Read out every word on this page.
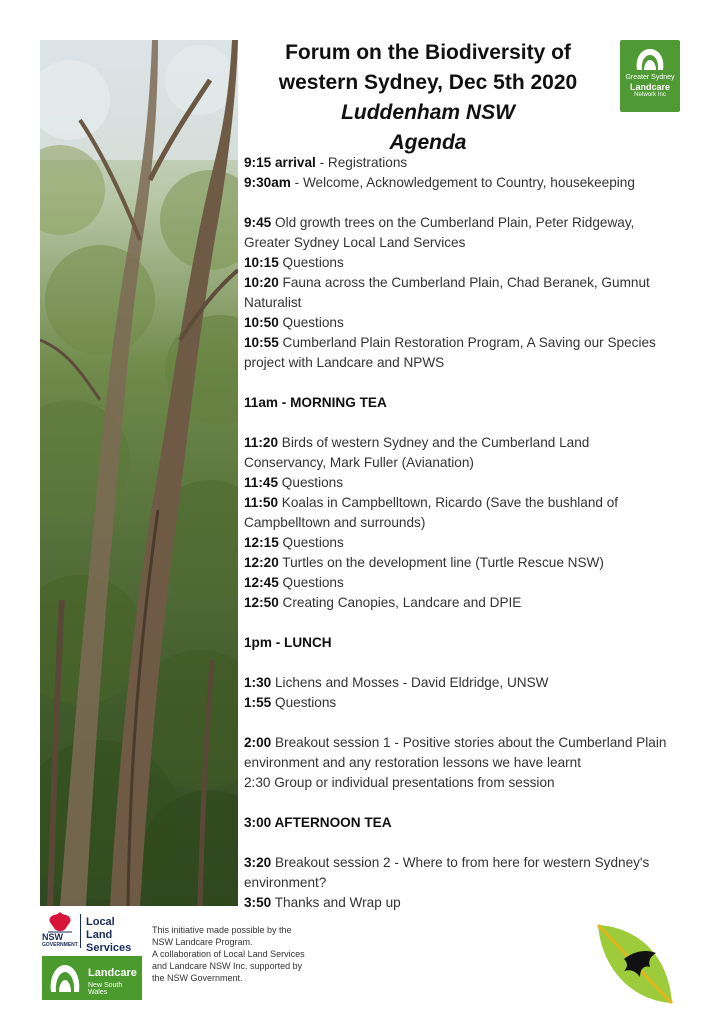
Forum on the Biodiversity of
western Sydney, Dec 5th 2020
Luddenham NSW
Agenda
Greater Sydney
Landcare
Network Inc
9:15 arrival - Registrations
9:30am - Welcome, Acknowledgement to Country, housekeeping
9:45 Old growth trees on the Cumberland Plain, Peter Ridgeway,
Greater Sydney Local Land Services
10:15 Questions
10:20 Fauna across the Cumberland Plain, Chad Beranek, Gumnut
Naturalist
10:50 Questions
10:55 Cumberland Plain Restoration Program, A Saving our Species
project with Landcare and NPWS
11am - MORNING TEA
11:20 Birds of western Sydney and the Cumberland Land
Conservancy, Mark Fuller (Avianation)
11:45 Questions
11:50 Koalas in Campbelltown, Ricardo (Save the bushland of
Campbelltown and surrounds)
12:15 Questions
12:20 Turtles on the development line (Turtle Rescue NSW)
12:45 Questions
12:50 Creating Canopies, Landcare and DPIE
1pm - LUNCH
1:30 Lichens and Mosses - David Eldridge, UNSW
1:55 Questions
2:00 Breakout session 1 - Positive stories about the Cumberland Plain
environment and any restoration lessons we have learnt
2:30 Group or individual presentations from session
3:00 AFTERNOON TEA
3:20 Breakout session 2 - Where to from here for western Sydney's
environment?
3:50 Thanks and Wrap up
NSW
GOVERNMENT
Local Land
Services
Landcare
New South Wales
This initiative made possible by the
NSW Landcare Program.
A collaboration of Local Land Services
and Landcare NSW Inc. supported by
the NSW Government.
